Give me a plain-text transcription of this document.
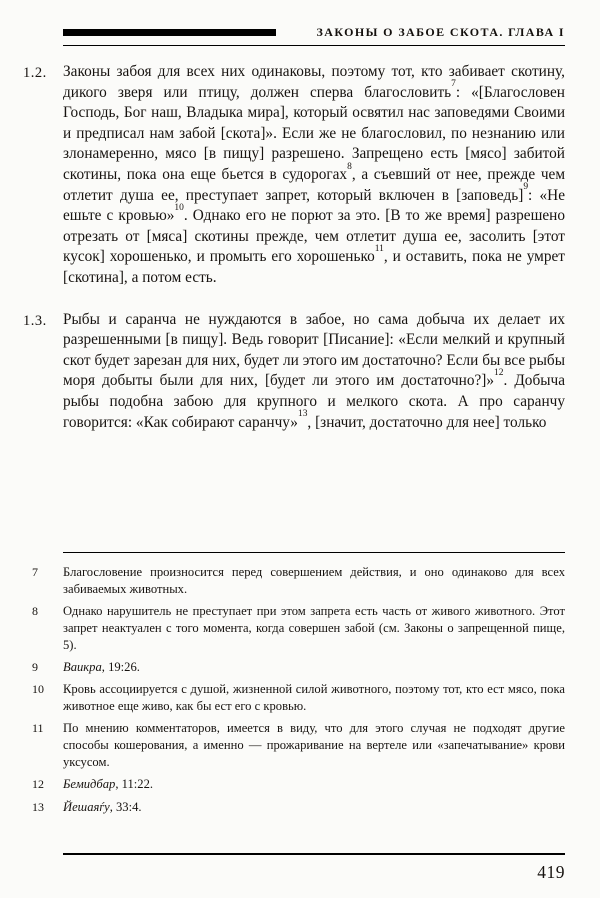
ЗАКОНЫ О ЗАБОЕ СКОТА. ГЛАВА I
1.2. Законы забоя для всех них одинаковы, поэтому тот, кто забивает скотину, дикого зверя или птицу, должен сперва благословить$^7$: «[Благословен Господь, Бог наш, Владыка мира], который освятил нас заповедями Своими и предписал нам забой [скота]». Если же не благословил, по незнанию или злонамеренно, мясо [в пищу] разрешено. Запрещено есть [мясо] забитой скотины, пока она еще бьется в судорогах$^8$, а съевший от нее, прежде чем отлетит душа ее, преступает запрет, который включен в [заповедь]$^9$: «Не ешьте с кровью»$^{10}$. Однако его не порют за это. [В то же время] разрешено отрезать от [мяса] скотины прежде, чем отлетит душа ее, засолить [этот кусок] хорошенько, и промыть его хорошенько$^{11}$, и оставить, пока не умрет [скотина], а потом есть.
1.3. Рыбы и саранча не нуждаются в забое, но сама добыча их делает их разрешенными [в пищу]. Ведь говорит [Писание]: «Если мелкий и крупный скот будет зарезан для них, будет ли этого им достаточно? Если бы все рыбы моря добыты были для них, [будет ли этого им достаточно?]»$^{12}$. Добыча рыбы подобна забою для крупного и мелкого скота. А про саранчу говорится: «Как собирают саранчу»$^{13}$, [значит, достаточно для нее] только
7 Благословение произносится перед совершением действия, и оно одинаково для всех забиваемых животных.
8 Однако нарушитель не преступает при этом запрета есть часть от живого животного. Этот запрет неактуален с того момента, когда совершен забой (см. Законы о запрещенной пище, 5).
9 Ваикра, 19:26.
10 Кровь ассоциируется с душой, жизненной силой животного, поэтому тот, кто ест мясо, пока животное еще живо, как бы ест его с кровью.
11 По мнению комментаторов, имеется в виду, что для этого случая не подходят другие способы кошерования, а именно — прожаривание на вертеле или «запечатывание» крови уксусом.
12 Бемидбар, 11:22.
13 Йешаяѓу, 33:4.
419
